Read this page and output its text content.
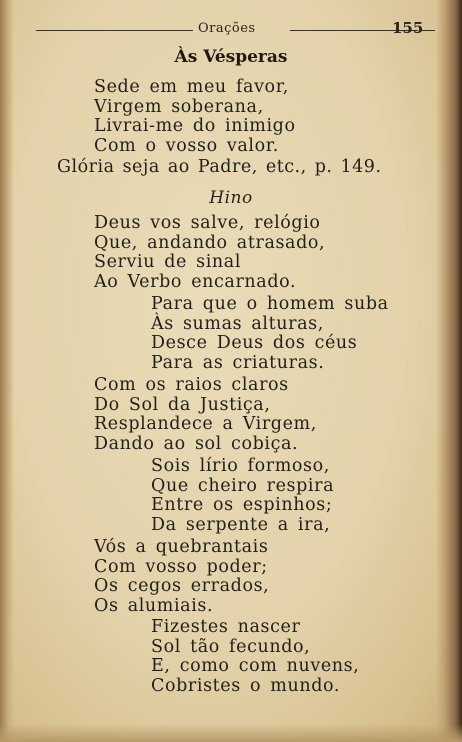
Orações	155
Às Vésperas
Sede em meu favor,
Virgem soberana,
Livrai-me do inimigo
Com o vosso valor.
Glória seja ao Padre, etc., p. 149.
Hino
Deus vos salve, relógio
Que, andando atrasado,
Serviu de sinal
Ao Verbo encarnado.
Para que o homem suba
Às sumas alturas,
Desce Deus dos céus
Para as criaturas.
Com os raios claros
Do Sol da Justiça,
Resplandece a Virgem,
Dando ao sol cobiça.
Sois lírio formoso,
Que cheiro respira
Entre os espinhos;
Da serpente a ira,
Vós a quebrantais
Com vosso poder;
Os cegos errados,
Os alumiais.
Fizestes nascer
Sol tão fecundo,
E, como com nuvens,
Cobristes o mundo.
